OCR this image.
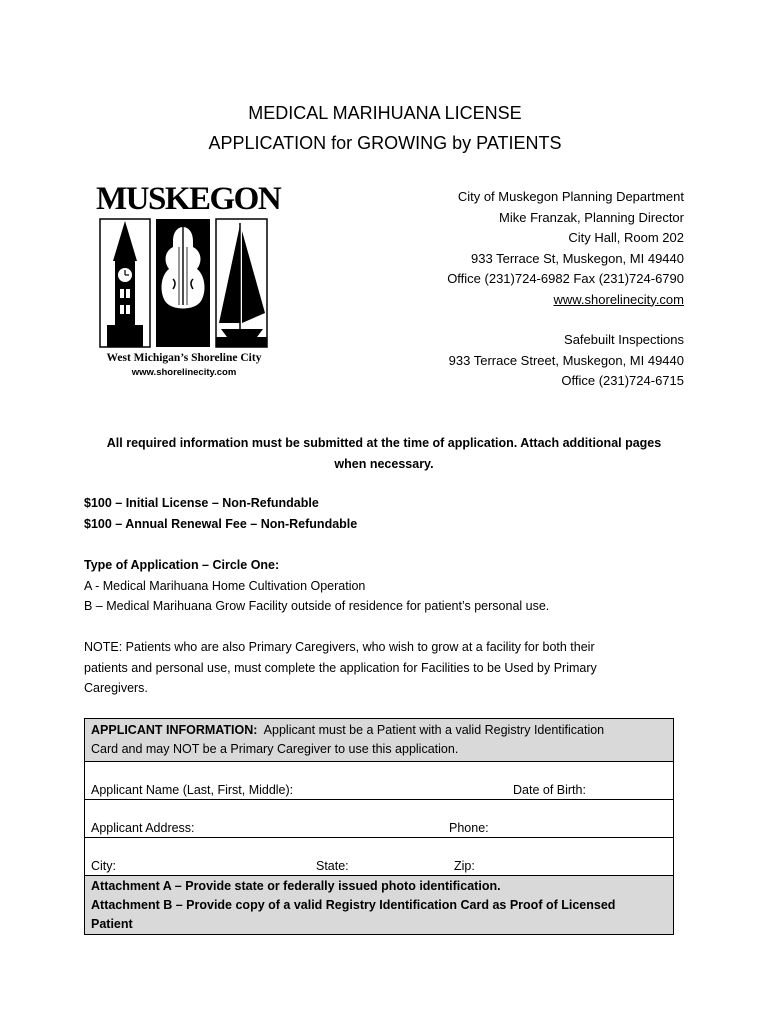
MEDICAL MARIHUANA LICENSE
APPLICATION for GROWING by PATIENTS
MUSKEGON
West Michigan’s Shoreline City
www.shorelinecity.com
City of Muskegon Planning Department
Mike Franzak, Planning Director
City Hall, Room 202
933 Terrace St, Muskegon, MI 49440
Office (231)724-6982 Fax (231)724-6790
www.shorelinecity.com
Safebuilt Inspections
933 Terrace Street, Muskegon, MI 49440
Office (231)724-6715
All required information must be submitted at the time of application. Attach additional pages
when necessary.
$100 – Initial License – Non-Refundable
$100 – Annual Renewal Fee – Non-Refundable
Type of Application – Circle One:
A - Medical Marihuana Home Cultivation Operation
B – Medical Marihuana Grow Facility outside of residence for patient’s personal use.
NOTE: Patients who are also Primary Caregivers, who wish to grow at a facility for both their
patients and personal use, must complete the application for Facilities to be Used by Primary
Caregivers.
APPLICANT INFORMATION:  Applicant must be a Patient with a valid Registry Identification
Card and may NOT be a Primary Caregiver to use this application.
Applicant Name (Last, First, Middle):	Date of Birth:
Applicant Address:	Phone:
City:	State:	Zip:
Attachment A – Provide state or federally issued photo identification.
Attachment B – Provide copy of a valid Registry Identification Card as Proof of Licensed
Patient
